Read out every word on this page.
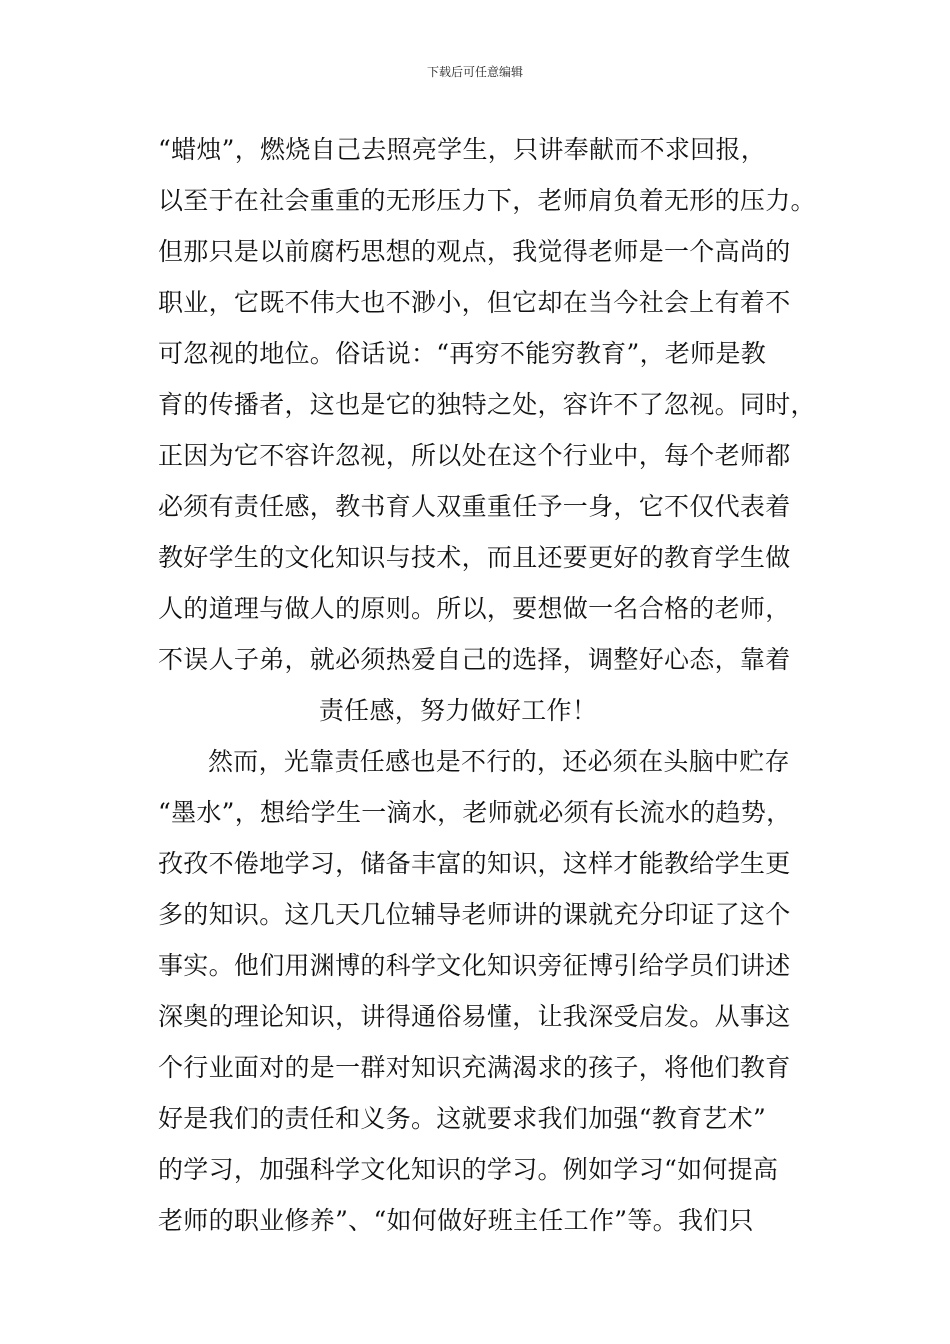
下载后可任意编辑
“蜡烛”，燃烧自己去照亮学生，只讲奉献而不求回报，
以至于在社会重重的无形压力下，老师肩负着无形的压力。
但那只是以前腐朽思想的观点，我觉得老师是一个高尚的
职业，它既不伟大也不渺小，但它却在当今社会上有着不
可忽视的地位。俗话说：“再穷不能穷教育”，老师是教
育的传播者，这也是它的独特之处，容许不了忽视。同时，
正因为它不容许忽视，所以处在这个行业中，每个老师都
必须有责任感，教书育人双重重任予一身，它不仅代表着
教好学生的文化知识与技术，而且还要更好的教育学生做
人的道理与做人的原则。所以，要想做一名合格的老师，
不误人子弟，就必须热爱自己的选择，调整好心态，靠着
责任感，努力做好工作！
然而，光靠责任感也是不行的，还必须在头脑中贮存
“墨水”，想给学生一滴水，老师就必须有长流水的趋势，
孜孜不倦地学习，储备丰富的知识，这样才能教给学生更
多的知识。这几天几位辅导老师讲的课就充分印证了这个
事实。他们用渊博的科学文化知识旁征博引给学员们讲述
深奥的理论知识，讲得通俗易懂，让我深受启发。从事这
个行业面对的是一群对知识充满渴求的孩子，将他们教育
好是我们的责任和义务。这就要求我们加强“教育艺术”
的学习，加强科学文化知识的学习。例如学习“如何提高
老师的职业修养”、“如何做好班主任工作”等。我们只
